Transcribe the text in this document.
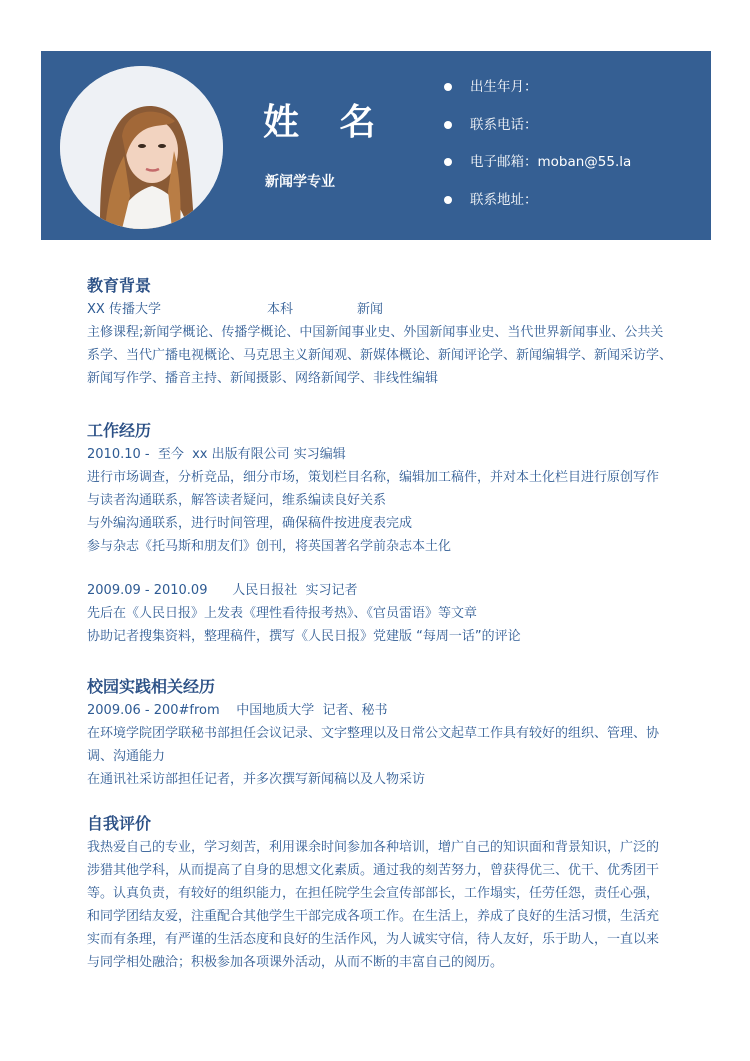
姓 名
新闻学专业
出生年月：
联系电话：
电子邮箱：moban@55.la
联系地址：
教育背景
XX 传播大学	本科	新闻
主修课程;新闻学概论、传播学概论、中国新闻事业史、外国新闻事业史、当代世界新闻事业、公共关
系学、当代广播电视概论、马克思主义新闻观、新媒体概论、新闻评论学、新闻编辑学、新闻采访学、
新闻写作学、播音主持、新闻摄影、网络新闻学、非线性编辑
工作经历
2010.10 -  至今  xx 出版有限公司 实习编辑
进行市场调查，分析竞品，细分市场，策划栏目名称，编辑加工稿件，并对本土化栏目进行原创写作
与读者沟通联系，解答读者疑问，维系编读良好关系
与外编沟通联系，进行时间管理，确保稿件按进度表完成
参与杂志《托马斯和朋友们》创刊，将英国著名学前杂志本土化
2009.09 - 2010.09      人民日报社  实习记者
先后在《人民日报》上发表《理性看待报考热》、《官员雷语》等文章
协助记者搜集资料，整理稿件，撰写《人民日报》党建版 “每周一话”的评论
校园实践相关经历
2009.06 - 200#from    中国地质大学  记者、秘书
在环境学院团学联秘书部担任会议记录、文字整理以及日常公文起草工作具有较好的组织、管理、协
调、沟通能力
在通讯社采访部担任记者，并多次撰写新闻稿以及人物采访
自我评价
我热爱自己的专业，学习刻苦，利用课余时间参加各种培训，增广自己的知识面和背景知识，广泛的
涉猎其他学科，从而提高了自身的思想文化素质。通过我的刻苦努力，曾获得优三、优干、优秀团干
等。认真负责，有较好的组织能力，在担任院学生会宣传部部长，工作塌实，任劳任怨，责任心强，
和同学团结友爱，注重配合其他学生干部完成各项工作。在生活上，养成了良好的生活习惯，生活充
实而有条理，有严谨的生活态度和良好的生活作风，为人诚实守信，待人友好，乐于助人，一直以来
与同学相处融洽；积极参加各项课外活动，从而不断的丰富自己的阅历。
